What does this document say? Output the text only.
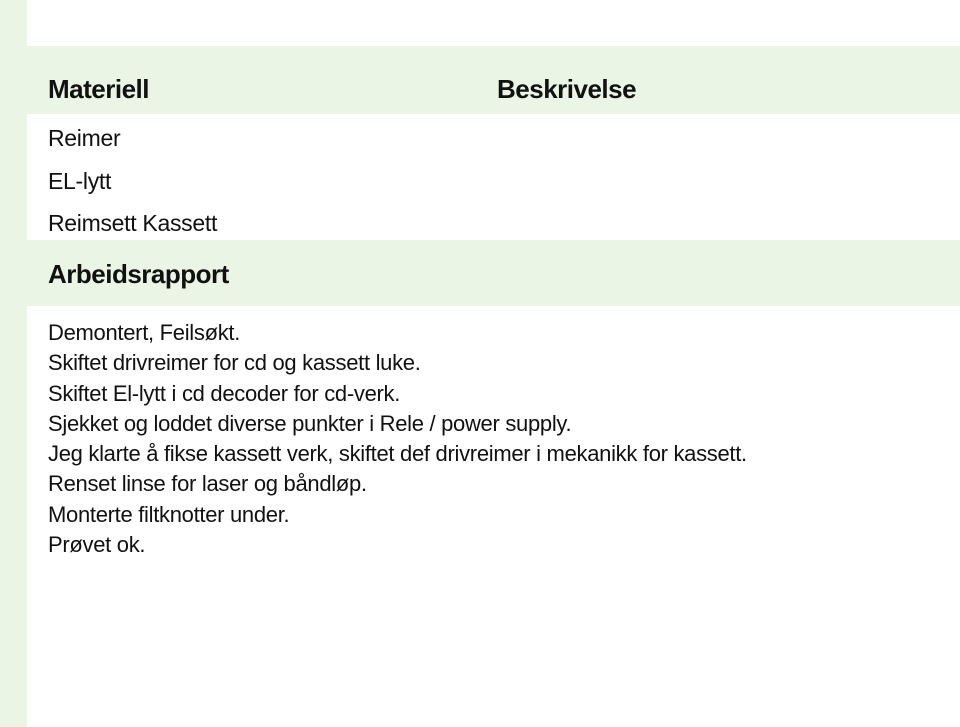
Materiell	Beskrivelse
Reimer
EL-lytt
Reimsett Kassett
Arbeidsrapport
Demontert, Feilsøkt.
Skiftet drivreimer for cd og kassett luke.
Skiftet El-lytt i cd decoder for cd-verk.
Sjekket og loddet diverse punkter i Rele / power supply.
Jeg klarte å fikse kassett verk, skiftet def drivreimer i mekanikk for kassett.
Renset linse for laser og båndløp.
Monterte filtknotter under.
Prøvet ok.
